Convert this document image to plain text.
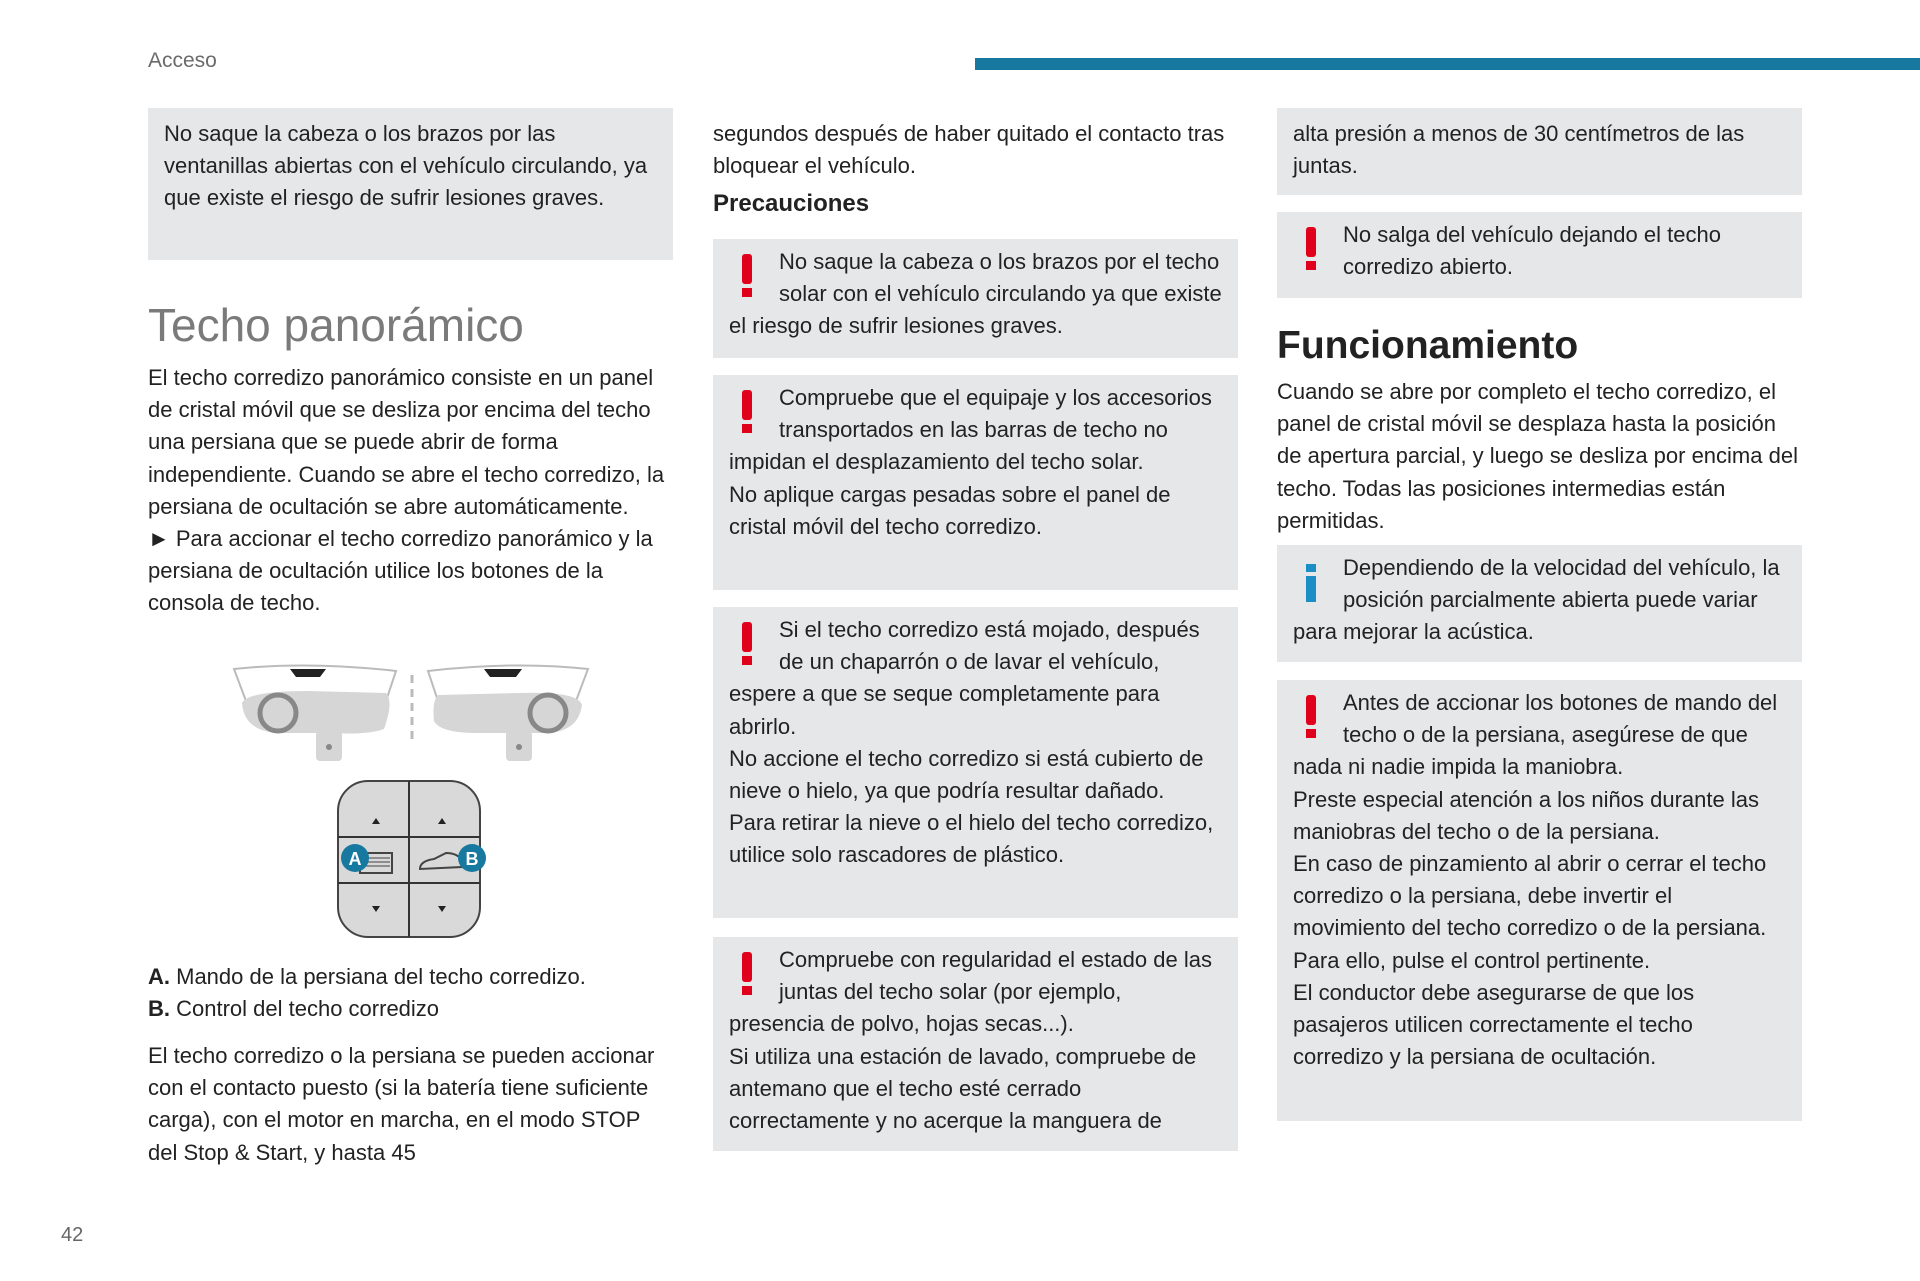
Acceso
42

No saque la cabeza o los brazos por las ventanillas abiertas con el vehículo circulando, ya que existe el riesgo de sufrir lesiones graves.

Techo panorámico

El techo corredizo panorámico consiste en un panel de cristal móvil que se desliza por encima del techo una persiana que se puede abrir de forma independiente. Cuando se abre el techo corredizo, la persiana de ocultación se abre automáticamente.

► Para accionar el techo corredizo panorámico y la persiana de ocultación utilice los botones de la consola de techo.

A	B
A. Mando de la persiana del techo corredizo.
B. Control del techo corredizo

El techo corredizo o la persiana se pueden accionar con el contacto puesto (si la batería tiene suficiente carga), con el motor en marcha, en el modo STOP del Stop & Start, y hasta 45

segundos después de haber quitado el contacto tras bloquear el vehículo.

Precauciones

No saque la cabeza o los brazos por el techo solar con el vehículo circulando ya que existe el riesgo de sufrir lesiones graves.

Compruebe que el equipaje y los accesorios transportados en las barras de techo no impidan el desplazamiento del techo solar.

No aplique cargas pesadas sobre el panel de cristal móvil del techo corredizo.

Si el techo corredizo está mojado, después de un chaparrón o de lavar el vehículo, espere a que se seque completamente para abrirlo.

No accione el techo corredizo si está cubierto de nieve o hielo, ya que podría resultar dañado.

Para retirar la nieve o el hielo del techo corredizo, utilice solo rascadores de plástico.

Compruebe con regularidad el estado de las juntas del techo solar (por ejemplo, presencia de polvo, hojas secas...).

Si utiliza una estación de lavado, compruebe de antemano que el techo esté cerrado correctamente y no acerque la manguera de

alta presión a menos de 30 centímetros de las juntas.

No salga del vehículo dejando el techo corredizo abierto.

Funcionamiento

Cuando se abre por completo el techo corredizo, el panel de cristal móvil se desplaza hasta la posición de apertura parcial, y luego se desliza por encima del techo. Todas las posiciones intermedias están permitidas.

Dependiendo de la velocidad del vehículo, la posición parcialmente abierta puede variar para mejorar la acústica.

Antes de accionar los botones de mando del techo o de la persiana, asegúrese de que nada ni nadie impida la maniobra.

Preste especial atención a los niños durante las maniobras del techo o de la persiana.

En caso de pinzamiento al abrir o cerrar el techo corredizo o la persiana, debe invertir el movimiento del techo corredizo o de la persiana. Para ello, pulse el control pertinente.

El conductor debe asegurarse de que los pasajeros utilicen correctamente el techo corredizo y la persiana de ocultación.
